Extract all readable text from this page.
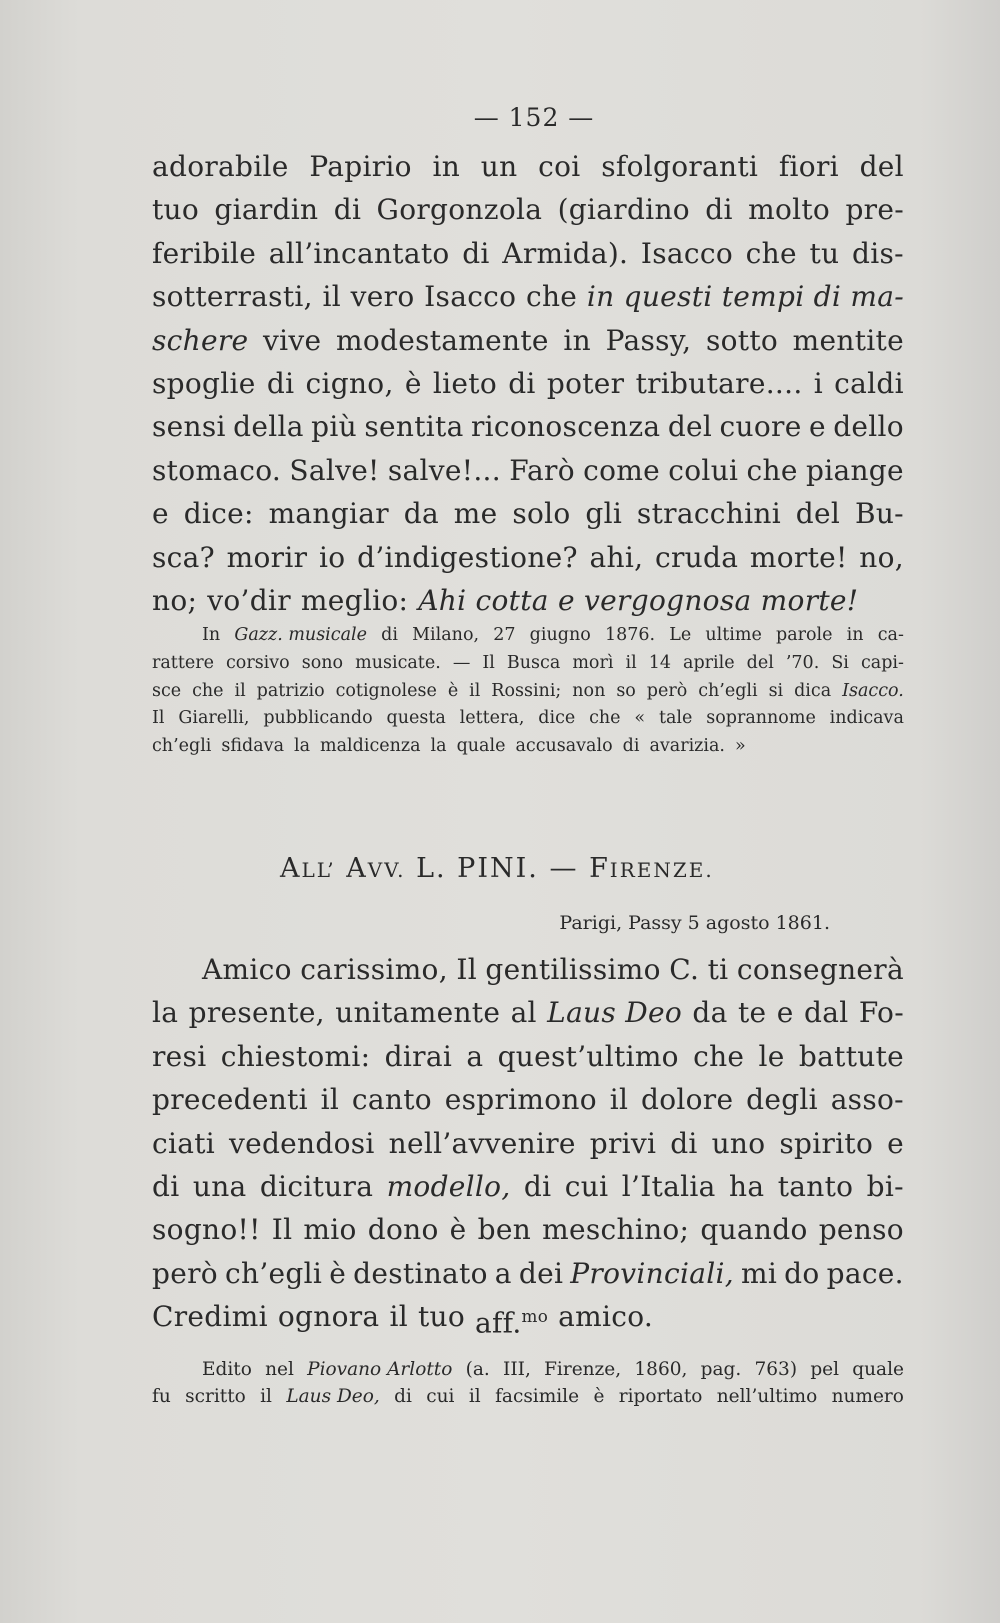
— 152 —
adorabile Papirio in un coi sfolgoranti fiori del
tuo giardin di Gorgonzola (giardino di molto pre-
feribile all’incantato di Armida). Isacco che tu dis-
sotterrasti, il vero Isacco che in questi tempi di ma-
schere vive modestamente in Passy, sotto mentite
spoglie di cigno, è lieto di poter tributare.... i caldi
sensi della più sentita riconoscenza del cuore e dello
stomaco. Salve! salve!... Farò come colui che piange
e dice: mangiar da me solo gli stracchini del Bu-
sca? morir io d’indigestione? ahi, cruda morte! no,
no; vo’dir meglio: Ahi cotta e vergognosa morte!
In Gazz. musicale di Milano, 27 giugno 1876. Le ultime parole in ca-
rattere corsivo sono musicate. — Il Busca morì il 14 aprile del ’70. Si capi-
sce che il patrizio cotignolese è il Rossini; non so però ch’egli si dica Isacco.
Il Giarelli, pubblicando questa lettera, dice che « tale soprannome indicava
ch’egli sfidava la maldicenza la quale accusavalo di avarizia. »
ALL’ AVV. L. PINI. — FIRENZE.
Parigi, Passy 5 agosto 1861.
Amico carissimo, Il gentilissimo C. ti consegnerà
la presente, unitamente al Laus Deo da te e dal Fo-
resi chiestomi: dirai a quest’ultimo che le battute
precedenti il canto esprimono il dolore degli asso-
ciati vedendosi nell’avvenire privi di uno spirito e
di una dicitura modello, di cui l’Italia ha tanto bi-
sogno!! Il mio dono è ben meschino; quando penso
però ch’egli è destinato a dei Provinciali, mi do pace.
Credimi ognora il tuo aff.$^{mo}$ amico.
Edito nel Piovano Arlotto (a. III, Firenze, 1860, pag. 763) pel quale
fu scritto il Laus Deo, di cui il facsimile è riportato nell’ultimo numero
